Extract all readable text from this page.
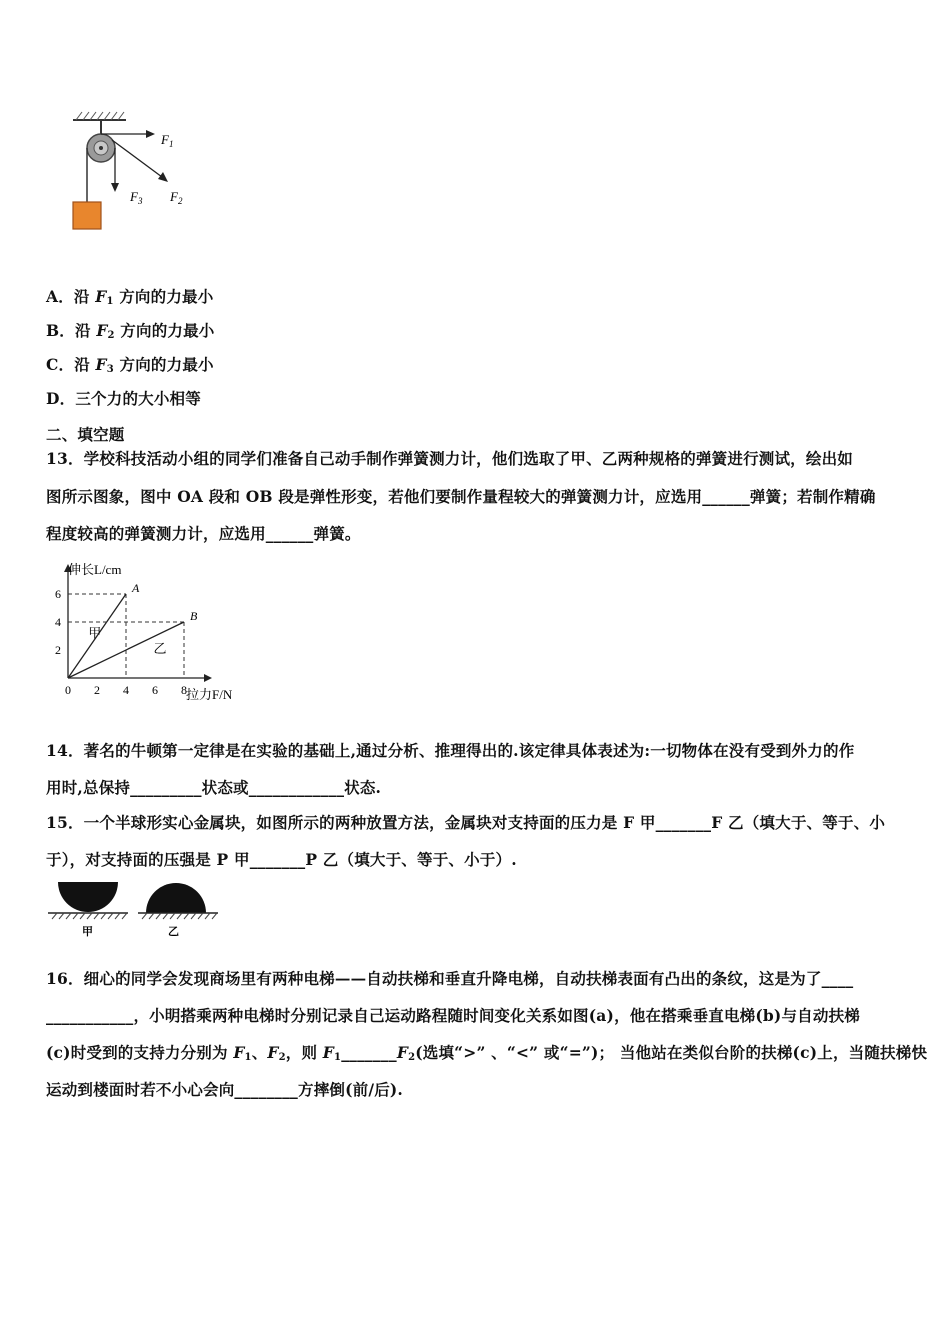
$F_1$
$F_3$ $F_2$
A．沿 $F_1$ 方向的力最小
B．沿 $F_2$ 方向的力最小
C．沿 $F_3$ 方向的力最小
D．三个力的大小相等
二、填空题
13．学校科技活动小组的同学们准备自己动手制作弹簧测力计，他们选取了甲、乙两种规格的弹簧进行测试，绘出如
图所示图象，图中 OA 段和 OB 段是弹性形变，若他们要制作量程较大的弹簧测力计，应选用______弹簧；若制作精确
程度较高的弹簧测力计，应选用______弹簧。
0 2 4 6 8
2
4
6	A
B
甲
乙
伸长L/cm
拉力F/N
14．著名的牛顿第一定律是在实验的基础上,通过分析、推理得出的.该定律具体表述为:一切物体在没有受到外力的作
用时,总保持_________状态或____________状态.
15．一个半球形实心金属块，如图所示的两种放置方法，金属块对支持面的压力是 F 甲_______F 乙（填大于、等于、小
于），对支持面的压强是 P 甲_______P 乙（填大于、等于、小于）.
甲	乙
16．细心的同学会发现商场里有两种电梯——自动扶梯和垂直升降电梯，自动扶梯表面有凸出的条纹，这是为了____
___________，小明搭乘两种电梯时分别记录自己运动路程随时间变化关系如图(a)，他在搭乘垂直电梯(b)与自动扶梯
(c)时受到的支持力分别为 $F_1$、$F_2$，则 $F_1\_\_\_\_\_\_\_F_2$(选填“>” 、“<” 或“=”)； 当他站在类似台阶的扶梯(c)上，当随扶梯快
运动到楼面时若不小心会向________方摔倒(前/后).
